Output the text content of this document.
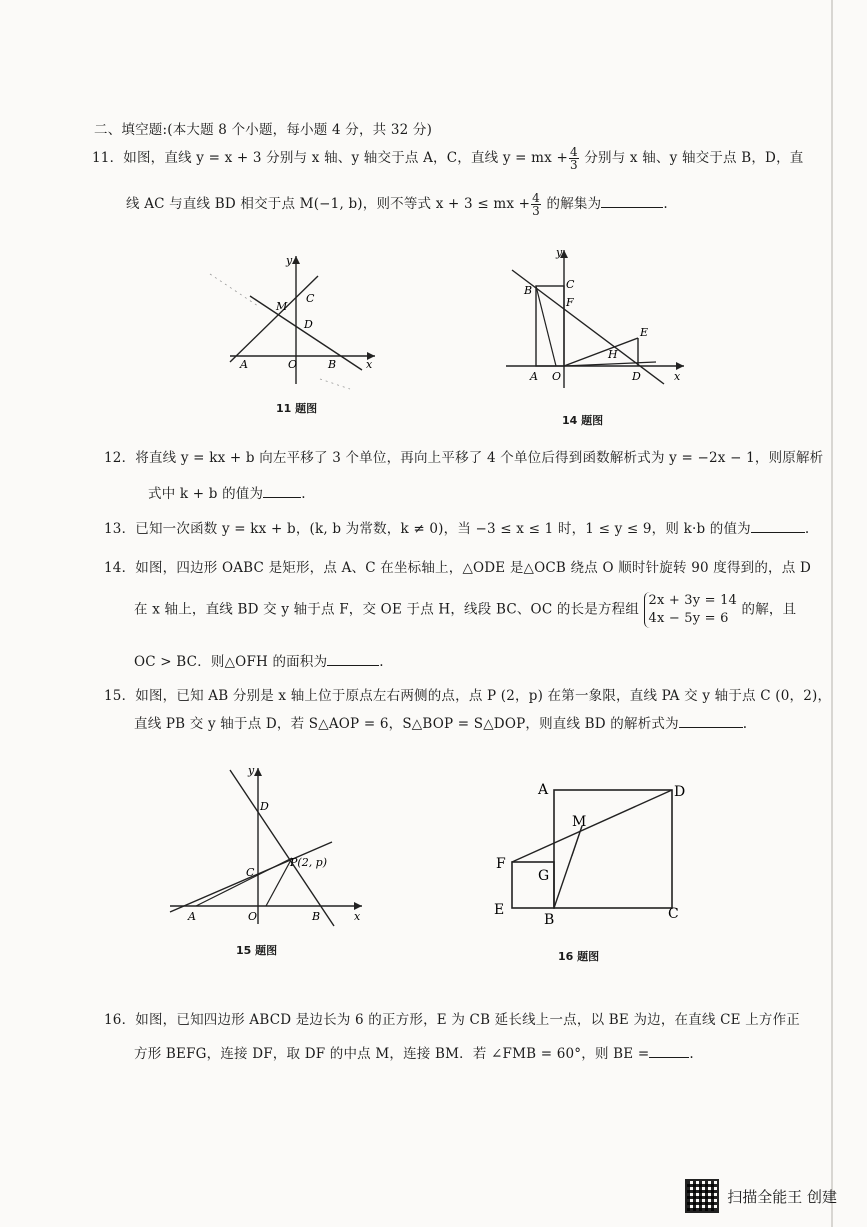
二、填空题:(本大题 8 个小题，每小题 4 分，共 32 分)
11．如图，直线 y = x + 3 分别与 x 轴、y 轴交于点 A，C，直线 y = mx + $\frac{4}{3}$ 分别与 x 轴、y 轴交于点 B，D，直
线 AC 与直线 BD 相交于点 M(−1, b)，则不等式 x + 3 ≤ mx + $\frac{4}{3}$ 的解集为	.
y
x
M
C
D
A	O	B
11 题图
y
x
B	C
F
E
H
A O	D
14 题图
12．将直线 y = kx + b 向左平移了 3 个单位，再向上平移了 4 个单位后得到函数解析式为 y = −2x − 1，则原解析
式中 k + b 的值为	.
13．已知一次函数 y = kx + b，(k, b 为常数，k ≠ 0)，当 −3 ≤ x ≤ 1 时，1 ≤ y ≤ 9，则 k·b 的值为	.
14．如图，四边形 OABC 是矩形，点 A、C 在坐标轴上，△ODE 是△OCB 绕点 O 顺时针旋转 90 度得到的，点 D
在 x 轴上，直线 BD 交 y 轴于点 F，交 OE 于点 H，线段 BC、OC 的长是方程组
2x + 3y = 14
4x − 5y = 6
的解，且
OC > BC．则△OFH 的面积为	.
15．如图，已知 AB 分别是 x 轴上位于原点左右两侧的点，点 P (2，p) 在第一象限，直线 PA 交 y 轴于点 C (0，2)，
直线 PB 交 y 轴于点 D，若 S△AOP = 6，S△BOP = S△DOP，则直线 BD 的解析式为	.
y
x
D
C
P(2, p)
A	O	B
15 题图
A	D
M
F
G
E
B	C
16 题图
16．如图，已知四边形 ABCD 是边长为 6 的正方形，E 为 CB 延长线上一点，以 BE 为边，在直线 CE 上方作正
方形 BEFG，连接 DF，取 DF 的中点 M，连接 BM．若 ∠FMB = 60°，则 BE =	.
扫描全能王 创建
